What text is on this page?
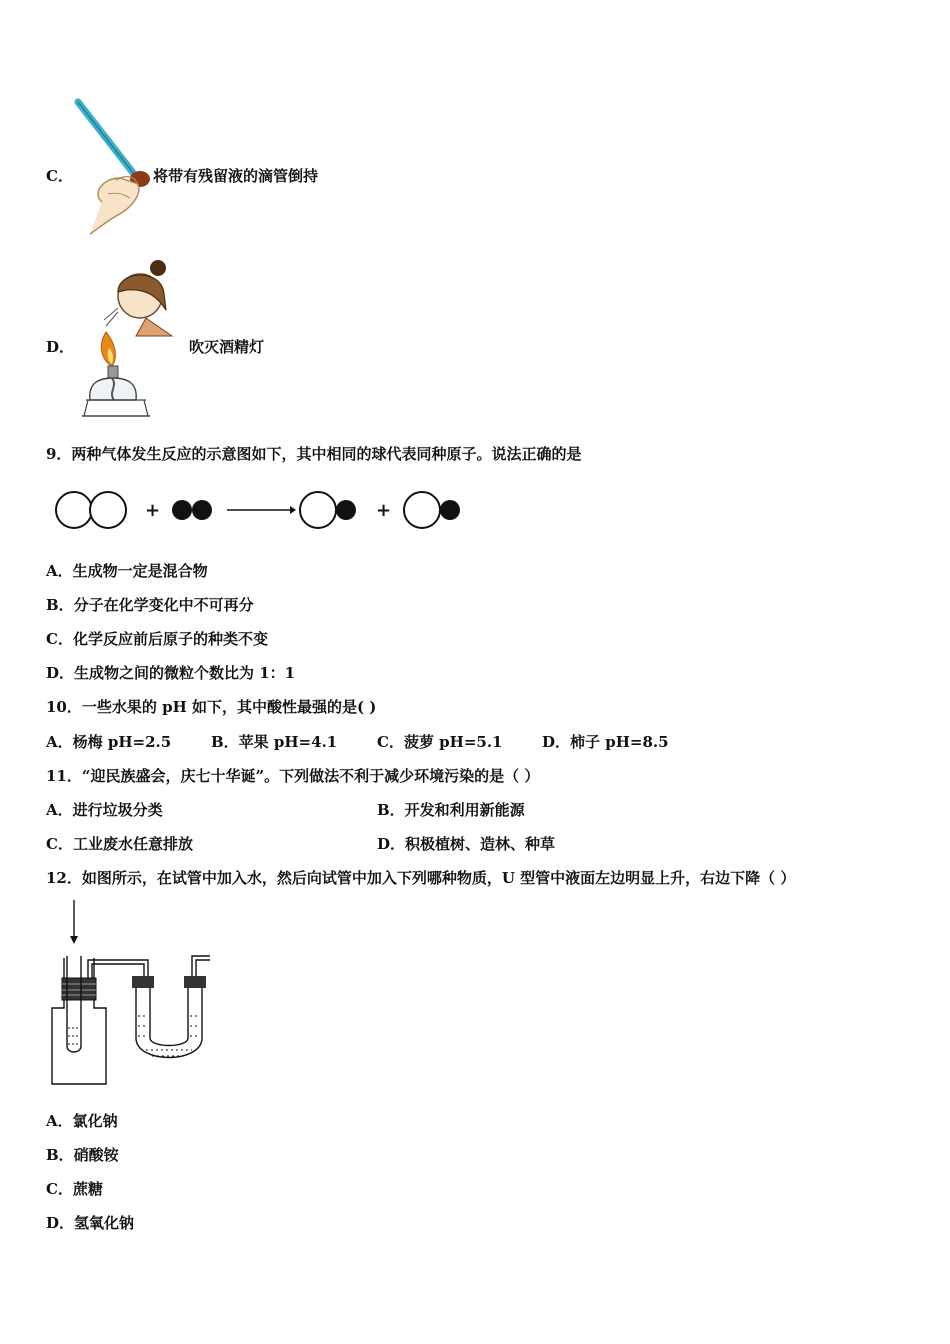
C．	将带有残留液的滴管倒持
D．	吹灭酒精灯
9．两种气体发生反应的示意图如下，其中相同的球代表同种原子。说法正确的是
+	+
A．生成物一定是混合物
B．分子在化学变化中不可再分
C．化学反应前后原子的种类不变
D．生成物之间的微粒个数比为 1：1
10．一些水果的 pH 如下，其中酸性最强的是( )
A．杨梅 pH=2.5	B．苹果 pH=4.1	C．菠萝 pH=5.1	D．柿子 pH=8.5
11．“迎民族盛会，庆七十华诞”。下列做法不利于减少环境污染的是（ ）
A．进行垃圾分类	B．开发和利用新能源
C．工业废水任意排放	D．积极植树、造林、种草
12．如图所示，在试管中加入水，然后向试管中加入下列哪种物质，U 型管中液面左边明显上升，右边下降（ ）
A．氯化钠
B．硝酸铵
C．蔗糖
D．氢氧化钠
